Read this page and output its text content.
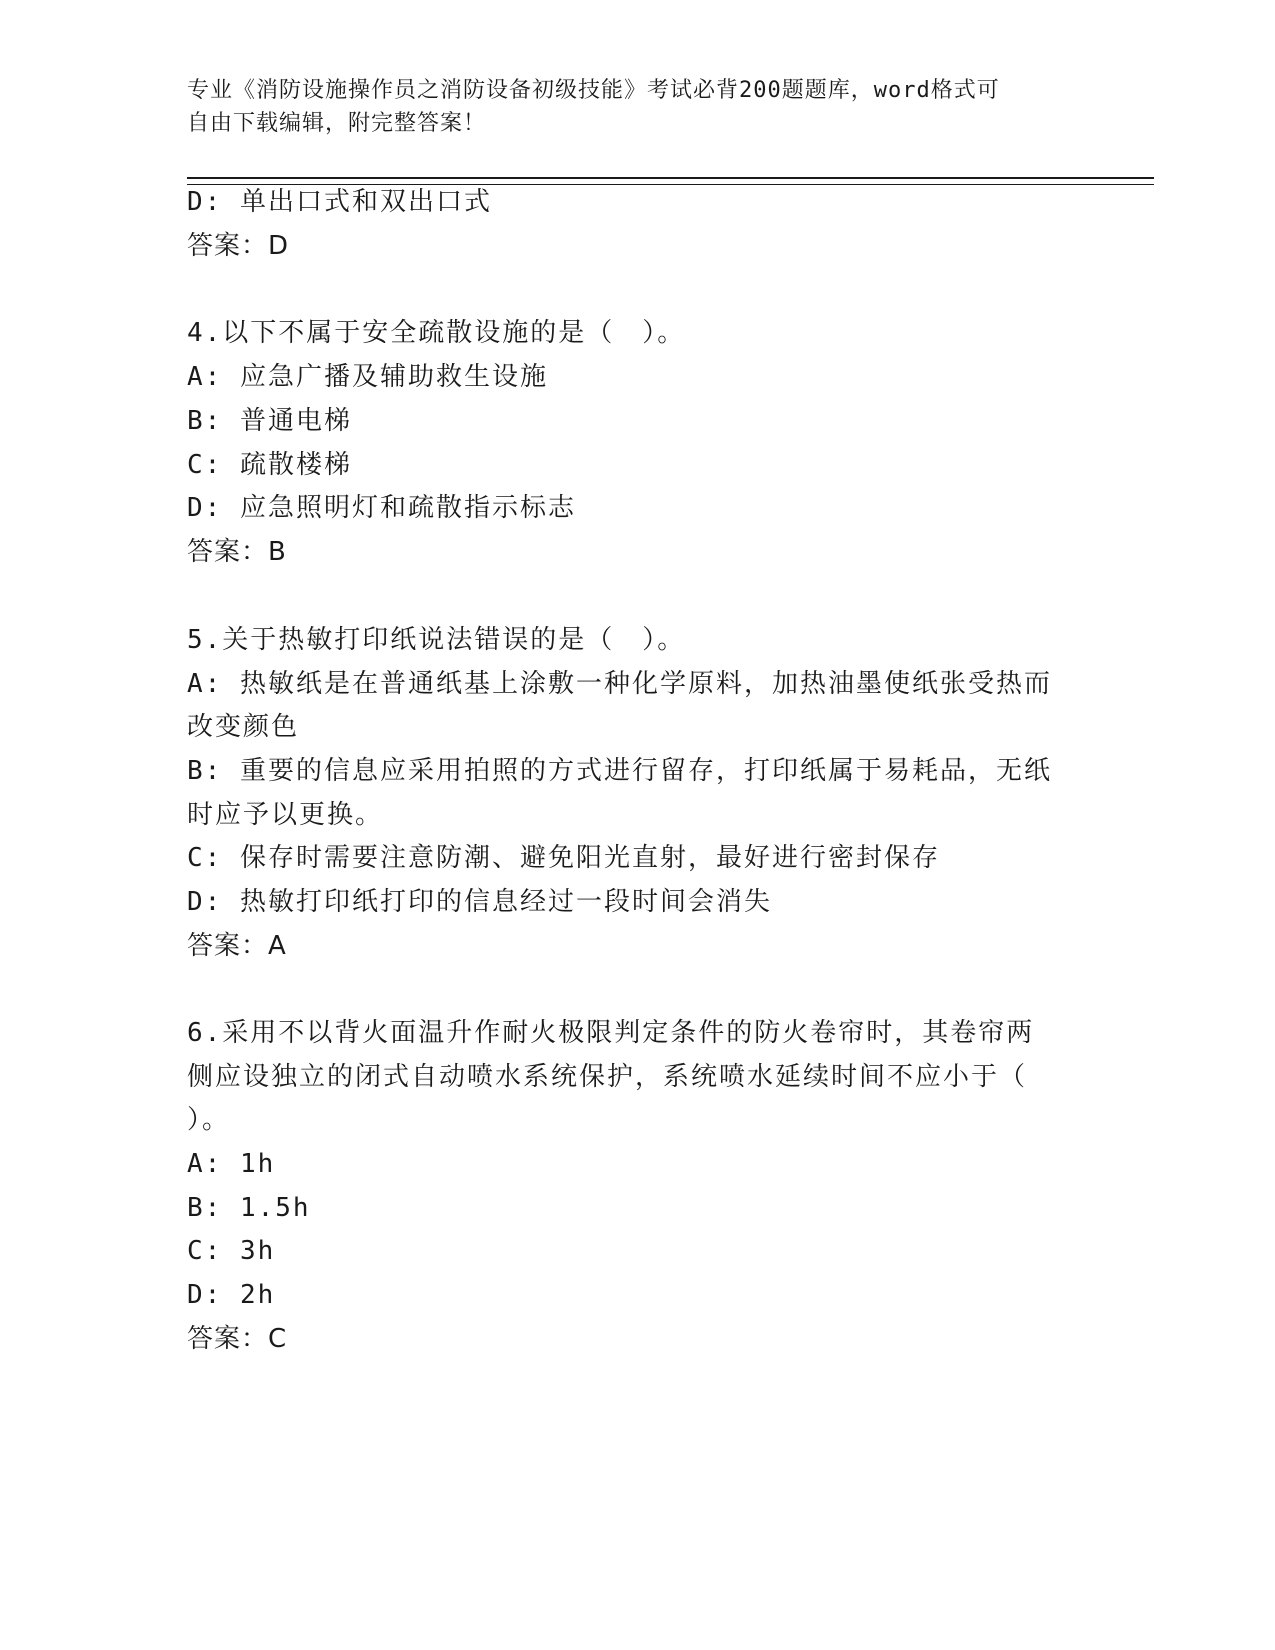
专业《消防设施操作员之消防设备初级技能》考试必背200题题库，word格式可
自由下载编辑，附完整答案！
D: 单出口式和双出口式
答案：D
4.以下不属于安全疏散设施的是（　）。
A: 应急广播及辅助救生设施
B: 普通电梯
C: 疏散楼梯
D: 应急照明灯和疏散指示标志
答案：B
5.关于热敏打印纸说法错误的是（　）。
A: 热敏纸是在普通纸基上涂敷一种化学原料，加热油墨使纸张受热而
改变颜色
B: 重要的信息应采用拍照的方式进行留存，打印纸属于易耗品，无纸
时应予以更换。
C: 保存时需要注意防潮、避免阳光直射，最好进行密封保存
D: 热敏打印纸打印的信息经过一段时间会消失
答案：A
6.采用不以背火面温升作耐火极限判定条件的防火卷帘时，其卷帘两
侧应设独立的闭式自动喷水系统保护，系统喷水延续时间不应小于（
）。
A: 1h
B: 1.5h
C: 3h
D: 2h
答案：C
